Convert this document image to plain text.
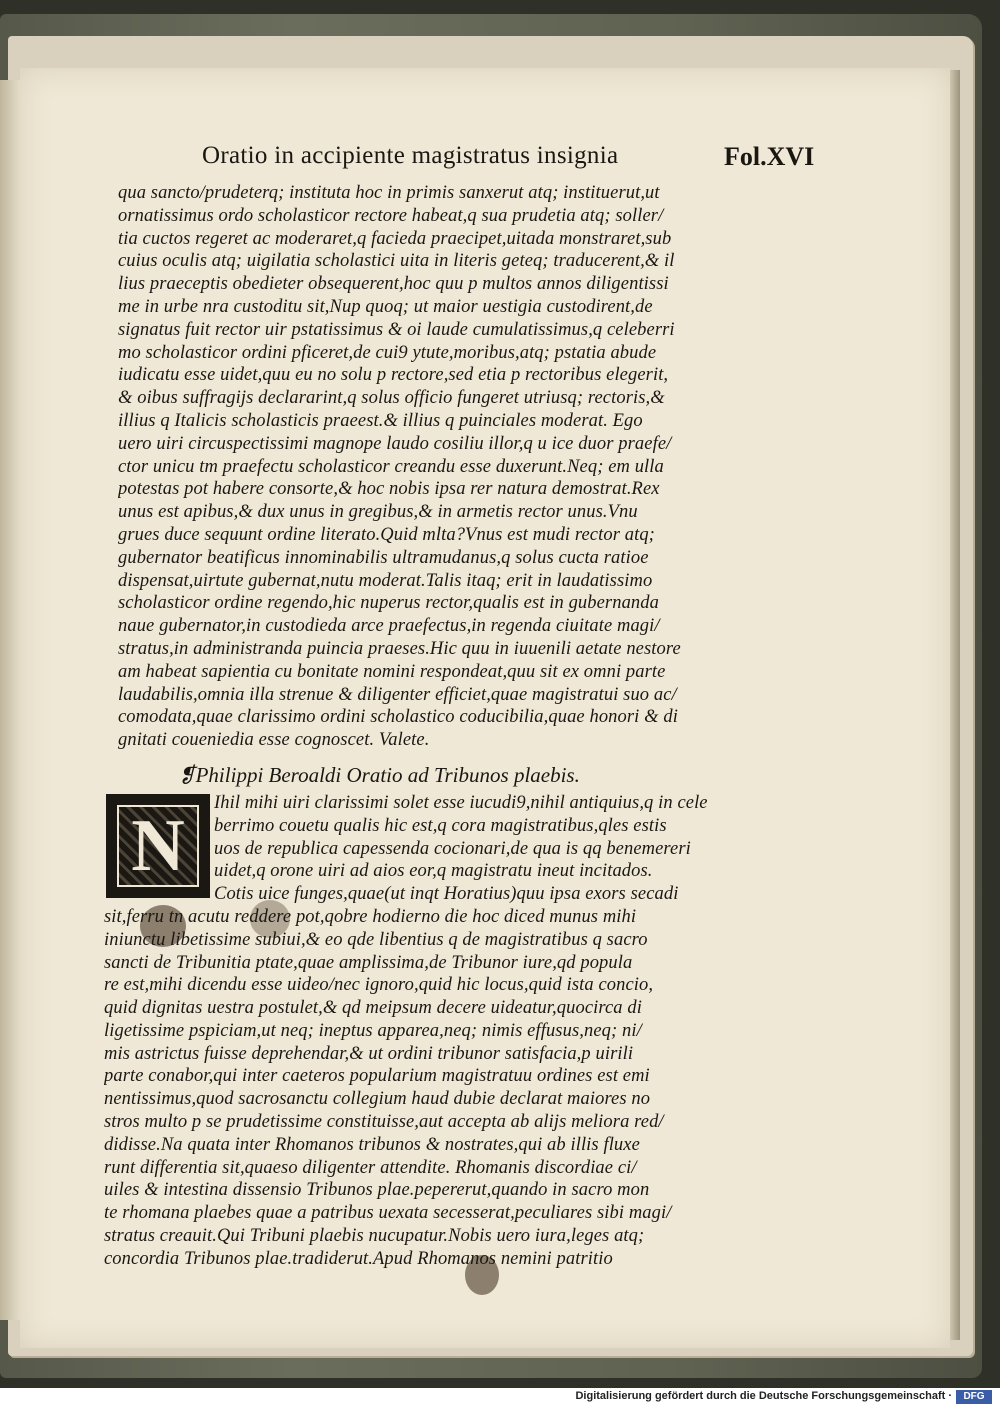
Oratio in accipiente magistratus insignia	Fol.XVI
qua sancto/prudeterq; instituta hoc in primis sanxerut atq; instituerut,ut
ornatissimus ordo scholasticor rectore habeat,q sua prudetia atq; soller/
tia cuctos regeret ac moderaret,q facieda praecipet,uitada monstraret,sub
cuius oculis atq; uigilatia scholastici uita in literis geteq; traducerent,& il
lius praeceptis obedieter obsequerent,hoc quu p multos annos diligentissi
me in urbe nra custoditu sit,Nup quoq; ut maior uestigia custodirent,de
signatus fuit rector uir pstatissimus & oi laude cumulatissimus,q celeberri
mo scholasticor ordini pficeret,de cui9 ytute,moribus,atq; pstatia abude
iudicatu esse uidet,quu eu no solu p rectore,sed etia p rectoribus elegerit,
& oibus suffragijs declararint,q solus officio fungeret utriusq; rectoris,&
illius q Italicis scholasticis praeest.& illius q puinciales moderat. Ego
uero uiri circuspectissimi magnope laudo cosiliu illor,q u ice duor praefe/
ctor unicu tm praefectu scholasticor creandu esse duxerunt.Neq; em ulla
potestas pot habere consorte,& hoc nobis ipsa rer natura demostrat.Rex
unus est apibus,& dux unus in gregibus,& in armetis rector unus.Vnu
grues duce sequunt ordine literato.Quid mlta?Vnus est mudi rector atq;
gubernator beatificus innominabilis ultramudanus,q solus cucta ratioe
dispensat,uirtute gubernat,nutu moderat.Talis itaq; erit in laudatissimo
scholasticor ordine regendo,hic nuperus rector,qualis est in gubernanda
naue gubernator,in custodieda arce praefectus,in regenda ciuitate magi/
stratus,in administranda puincia praeses.Hic quu in iuuenili aetate nestore
am habeat sapientia cu bonitate nomini respondeat,quu sit ex omni parte
laudabilis,omnia illa strenue & diligenter efficiet,quae magistratui suo ac/
comodata,quae clarissimo ordini scholastico coducibilia,quae honori & di
gnitati coueniedia esse cognoscet. Valete.
❡Philippi Beroaldi Oratio ad Tribunos plaebis.
N
Ihil mihi uiri clarissimi solet esse iucudi9,nihil antiquius,q in cele
berrimo couetu qualis hic est,q cora magistratibus,qles estis
uos de republica capessenda cocionari,de qua is qq benemereri
uidet,q orone uiri ad aios eor,q magistratu ineut incitados.
Cotis uice funges,quae(ut inqt Horatius)quu ipsa exors secadi
sit,ferru tn acutu reddere pot,qobre hodierno die hoc diced munus mihi
iniunctu libetissime subiui,& eo qde libentius q de magistratibus q sacro
sancti de Tribunitia ptate,quae amplissima,de Tribunor iure,qd popula
re est,mihi dicendu esse uideo/nec ignoro,quid hic locus,quid ista concio,
quid dignitas uestra postulet,& qd meipsum decere uideatur,quocirca di
ligetissime pspiciam,ut neq; ineptus apparea,neq; nimis effusus,neq; ni/
mis astrictus fuisse deprehendar,& ut ordini tribunor satisfacia,p uirili
parte conabor,qui inter caeteros popularium magistratuu ordines est emi
nentissimus,quod sacrosanctu collegium haud dubie declarat maiores no
stros multo p se prudetissime constituisse,aut accepta ab alijs meliora red/
didisse.Na quata inter Rhomanos tribunos & nostrates,qui ab illis fluxe
runt differentia sit,quaeso diligenter attendite. Rhomanis discordiae ci/
uiles & intestina dissensio Tribunos plae.pepererut,quando in sacro mon
te rhomana plaebes quae a patribus uexata secesserat,peculiares sibi magi/
stratus creauit.Qui Tribuni plaebis nucupatur.Nobis uero iura,leges atq;
concordia Tribunos plae.tradiderut.Apud Rhomanos nemini patritio
Digitalisierung gefördert durch die Deutsche Forschungsgemeinschaft ·	DFG
